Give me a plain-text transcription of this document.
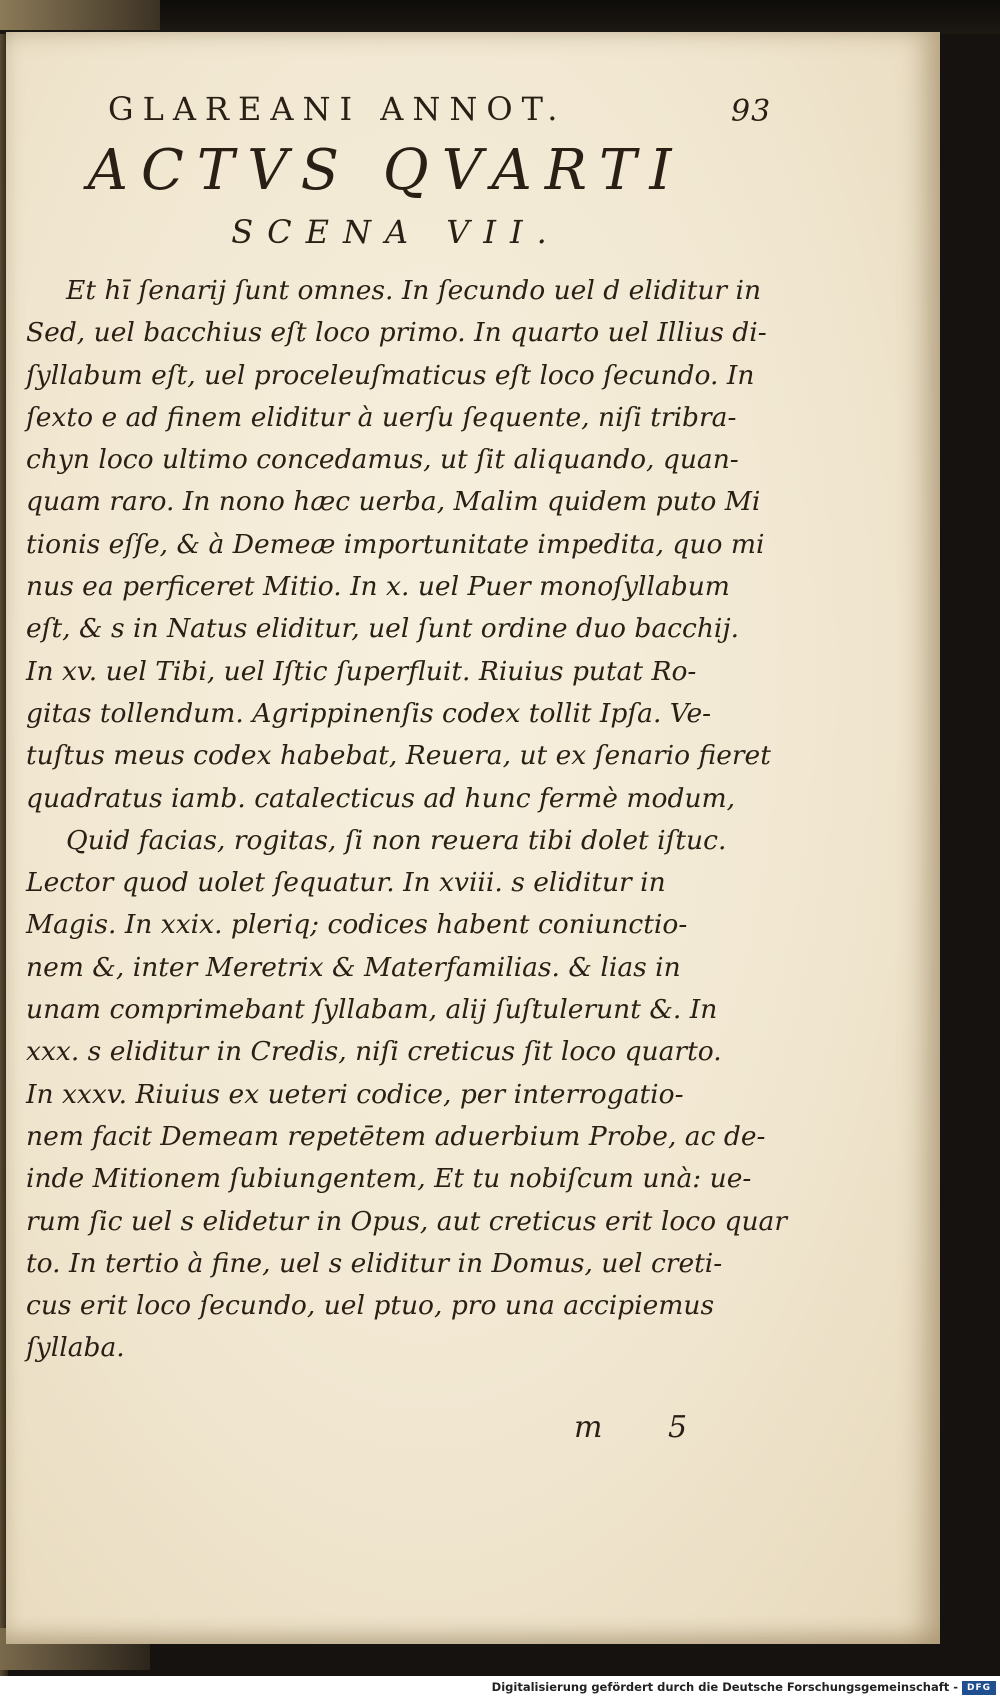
GLAREANI ANNOT.	93
ACTVS QVARTI
SCENA VII.
Et hī ſenarij ſunt omnes. In ſecundo uel d eliditur in
Sed, uel bacchius eſt loco primo. In quarto uel Illius di-
ſyllabum eſt, uel proceleuſmaticus eſt loco ſecundo. In
ſexto e ad finem eliditur à uerſu ſequente, niſi tribra-
chyn loco ultimo concedamus, ut ſit aliquando, quan-
quam raro. In nono hæc uerba, Malim quidem puto Mi
tionis eſſe, & à Demeæ importunitate impedita, quo mi
nus ea perficeret Mitio. In x. uel Puer monoſyllabum
eſt, & s in Natus eliditur, uel ſunt ordine duo bacchij.
In xv. uel Tibi, uel Iſtic ſuperfluit. Riuius putat Ro-
gitas tollendum. Agrippinenſis codex tollit Ipſa. Ve-
tuſtus meus codex habebat, Reuera, ut ex ſenario fieret
quadratus iamb. catalecticus ad hunc fermè modum,
Quid facias, rogitas, ſi non reuera tibi dolet iſtuc.
Lector quod uolet ſequatur. In xviii. s eliditur in
Magis. In xxix. pleriq; codices habent coniunctio-
nem &, inter Meretrix & Materfamilias. & lias in
unam comprimebant ſyllabam, alij ſuſtulerunt &. In
xxx. s eliditur in Credis, niſi creticus ſit loco quarto.
In xxxv. Riuius ex ueteri codice, per interrogatio-
nem facit Demeam repetētem aduerbium Probe, ac de-
inde Mitionem ſubiungentem, Et tu nobiſcum unà: ue-
rum ſic uel s elidetur in Opus, aut creticus erit loco quar
to. In tertio à fine, uel s eliditur in Domus, uel creti-
cus erit loco ſecundo, uel ptuo, pro una accipiemus
ſyllaba.
m 5
Digitalisierung gefördert durch die Deutsche Forschungsgemeinschaft - DFG
